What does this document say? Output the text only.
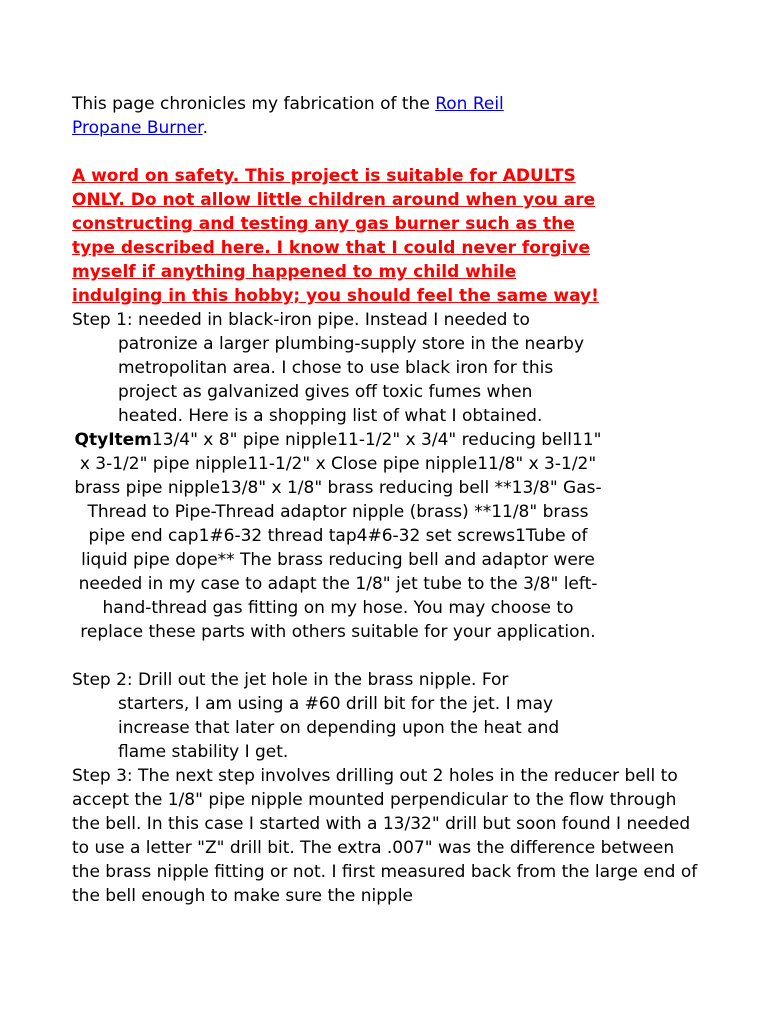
This page chronicles my fabrication of the Ron Reil Propane Burner.

A word on safety. This project is suitable for ADULTS ONLY. Do not allow little children around when you are constructing and testing any gas burner such as the type described here. I know that I could never forgive myself if anything happened to my child while indulging in this hobby; you should feel the same way!

Step 1: needed in black-iron pipe. Instead I needed to

patronize a larger plumbing-supply store in the nearby metropolitan area. I chose to use black iron for this project as galvanized gives off toxic fumes when heated. Here is a shopping list of what I obtained.

QtyItem13/4" x 8" pipe nipple11-1/2" x 3/4" reducing bell11" x 3-1/2" pipe nipple11-1/2" x Close pipe nipple11/8" x 3-1/2" brass pipe nipple13/8" x 1/8" brass reducing bell **13/8" Gas-Thread to Pipe-Thread adaptor nipple (brass) **11/8" brass pipe end cap1#6-32 thread tap4#6-32 set screws1Tube of liquid pipe dope** The brass reducing bell and adaptor were needed in my case to adapt the 1/8" jet tube to the 3/8" left-hand-thread gas fitting on my hose. You may choose to replace these parts with others suitable for your application.

Step 2: Drill out the jet hole in the brass nipple. For

starters, I am using a #60 drill bit for the jet. I may increase that later on depending upon the heat and flame stability I get.

Step 3: The next step involves drilling out 2 holes in the reducer bell to accept the 1/8" pipe nipple mounted perpendicular to the flow through the bell. In this case I started with a 13/32" drill but soon found I needed to use a letter "Z" drill bit. The extra .007" was the difference between the brass nipple fitting or not. I first measured back from the large end of the bell enough to make sure the nipple
